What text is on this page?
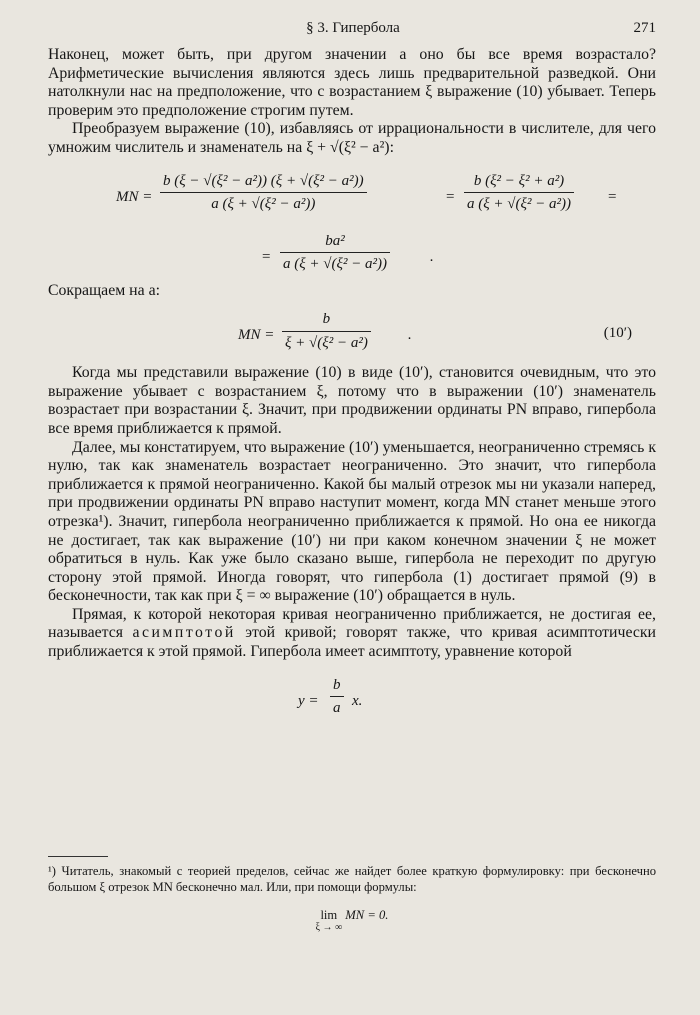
§ 3. Гипербола	271

Наконец, может быть, при другом значении a оно бы все время возрастало? Арифметические вычисления являются здесь лишь предварительной разведкой. Они натолкнули нас на предположение, что с возрастанием ξ выражение (10) убывает. Теперь проверим это предположение строгим путем.

Преобразуем выражение (10), избавляясь от иррациональности в числителе, для чего умножим числитель и знаменатель на ξ + √(ξ² − a²):

MN = $\frac{\text{b (ξ − √(ξ² − a²)) (ξ + √(ξ² − a²))}}{\text{a (ξ + √(ξ² − a²))}}$	= $\frac{\text{b (ξ² − ξ² + a²)}}{\text{a (ξ + √(ξ² − a²))}}$ =
= $\frac{\text{ba²}}{\text{a (ξ + √(ξ² − a²))}}$	.

Сокращаем на a:

MN = $\frac{b}{\text{ξ + √(ξ² − a²)}}$ .	(10′)

Когда мы представили выражение (10) в виде (10′), становится очевидным, что это выражение убывает с возрастанием ξ, потому что в выражении (10′) знаменатель возрастает при возрастании ξ. Значит, при продвижении ординаты PN вправо, гипербола все время приближается к прямой.

Далее, мы констатируем, что выражение (10′) уменьшается, неограниченно стремясь к нулю, так как знаменатель возрастает неограниченно. Это значит, что гипербола приближается к прямой неограниченно. Какой бы малый отрезок мы ни указали наперед, при продвижении ординаты PN вправо наступит момент, когда MN станет меньше этого отрезка¹). Значит, гипербола неограниченно приближается к прямой. Но она ее никогда не достигает, так как выражение (10′) ни при каком конечном значении ξ не может обратиться в нуль. Как уже было сказано выше, гипербола не переходит по другую сторону этой прямой. Иногда говорят, что гипербола (1) достигает прямой (9) в бесконечности, так как при ξ = ∞ выражение (10′) обращается в нуль.

Прямая, к которой некоторая кривая неограниченно приближается, не достигая ее, называется асимптотой этой кривой; говорят также, что кривая асимптотически приближается к этой прямой. Гипербола имеет асимптоту, уравнение которой

$y = \frac{b}{a} x$.

¹) Читатель, знакомый с теорией пределов, сейчас же найдет более краткую формулировку: при бесконечно большом ξ отрезок MN бесконечно мал. Или, при помощи формулы:

lim
ξ → ∞
MN = 0.
